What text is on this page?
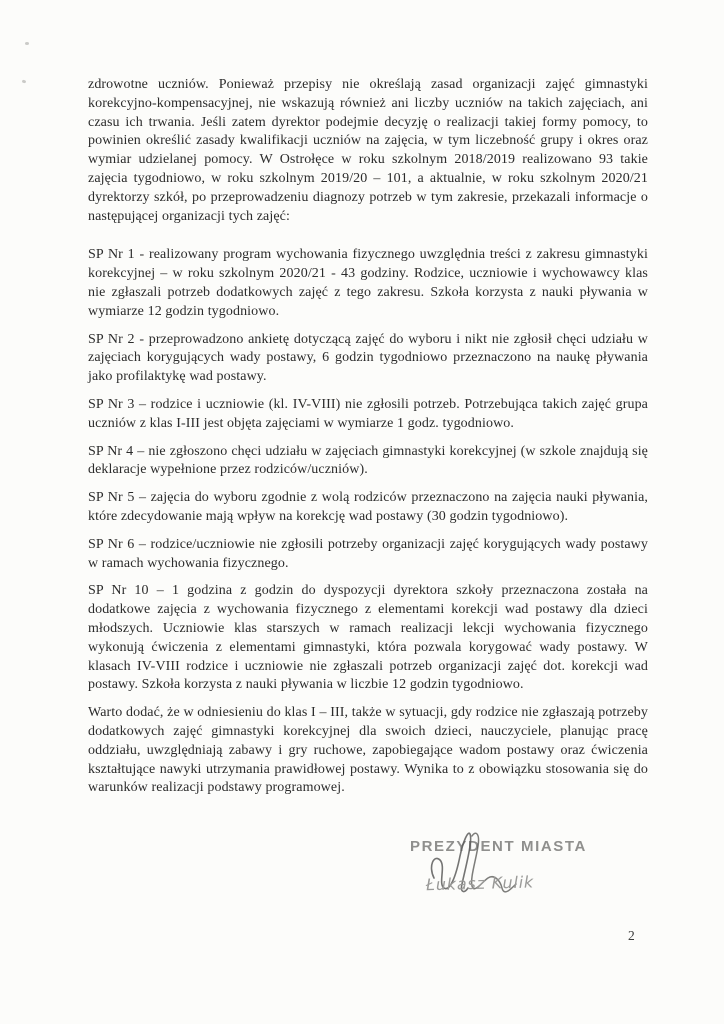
zdrowotne uczniów. Ponieważ przepisy nie określają zasad organizacji zajęć gimnastyki korekcyjno-kompensacyjnej, nie wskazują również ani liczby uczniów na takich zajęciach, ani czasu ich trwania. Jeśli zatem dyrektor podejmie decyzję o realizacji takiej formy pomocy, to powinien określić zasady kwalifikacji uczniów na zajęcia, w tym liczebność grupy i okres oraz wymiar udzielanej pomocy. W Ostrołęce w roku szkolnym 2018/2019 realizowano 93 takie zajęcia tygodniowo, w roku szkolnym 2019/20 – 101, a aktualnie, w roku szkolnym 2020/21 dyrektorzy szkół, po przeprowadzeniu diagnozy potrzeb w tym zakresie, przekazali informacje o następującej organizacji tych zajęć:

SP Nr 1 - realizowany program wychowania fizycznego uwzględnia treści z zakresu gimnastyki korekcyjnej – w roku szkolnym 2020/21 - 43 godziny. Rodzice, uczniowie i wychowawcy klas nie zgłaszali potrzeb dodatkowych zajęć z tego zakresu. Szkoła korzysta z nauki pływania w wymiarze 12 godzin tygodniowo.

SP Nr 2 - przeprowadzono ankietę dotyczącą zajęć do wyboru i nikt nie zgłosił chęci udziału w zajęciach korygujących wady postawy, 6 godzin tygodniowo przeznaczono na naukę pływania jako profilaktykę wad postawy.

SP Nr 3 – rodzice i uczniowie (kl. IV-VIII) nie zgłosili potrzeb. Potrzebująca takich zajęć grupa uczniów z klas I-III jest objęta zajęciami w wymiarze 1 godz. tygodniowo.

SP Nr 4 – nie zgłoszono chęci udziału w zajęciach gimnastyki korekcyjnej (w szkole znajdują się deklaracje wypełnione przez rodziców/uczniów).

SP Nr 5 – zajęcia do wyboru zgodnie z wolą rodziców przeznaczono na zajęcia nauki pływania, które zdecydowanie mają wpływ na korekcję wad postawy (30 godzin tygodniowo).

SP Nr 6 – rodzice/uczniowie nie zgłosili potrzeby organizacji zajęć korygujących wady postawy w ramach wychowania fizycznego.

SP Nr 10 – 1 godzina z godzin do dyspozycji dyrektora szkoły przeznaczona została na dodatkowe zajęcia z wychowania fizycznego z elementami korekcji wad postawy dla dzieci młodszych. Uczniowie klas starszych w ramach realizacji lekcji wychowania fizycznego wykonują ćwiczenia z elementami gimnastyki, która pozwala korygować wady postawy. W klasach IV-VIII rodzice i uczniowie nie zgłaszali potrzeb organizacji zajęć dot. korekcji wad postawy. Szkoła korzysta z nauki pływania w liczbie 12 godzin tygodniowo.

Warto dodać, że w odniesieniu do klas I – III, także w sytuacji, gdy rodzice nie zgłaszają potrzeby dodatkowych zajęć gimnastyki korekcyjnej dla swoich dzieci, nauczyciele, planując pracę oddziału, uwzględniają zabawy i gry ruchowe, zapobiegające wadom postawy oraz ćwiczenia kształtujące nawyki utrzymania prawidłowej postawy. Wynika to z obowiązku stosowania się do warunków realizacji podstawy programowej.

PREZYDENT MIASTA
Łukasz Kulik
2
